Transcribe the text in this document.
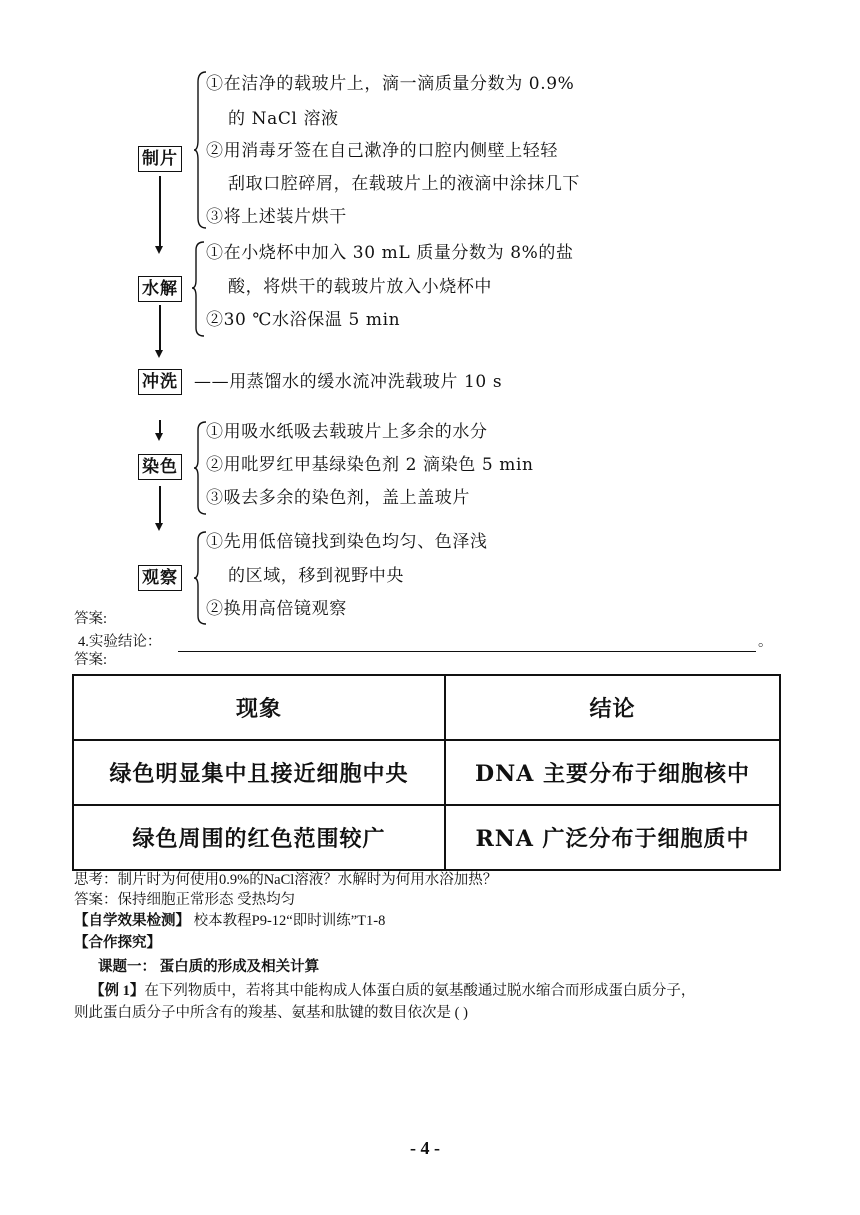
制片
①在洁净的载玻片上，滴一滴质量分数为 0.9%
的 NaCl 溶液
②用消毒牙签在自己漱净的口腔内侧壁上轻轻
刮取口腔碎屑，在载玻片上的液滴中涂抹几下
③将上述装片烘干
水解
①在小烧杯中加入 30 mL 质量分数为 8%的盐
酸，将烘干的载玻片放入小烧杯中
②30 ℃水浴保温 5 min
冲洗 ——用蒸馏水的缓水流冲洗载玻片 10 s
染色
①用吸水纸吸去载玻片上多余的水分
②用吡罗红甲基绿染色剂 2 滴染色 5 min
③吸去多余的染色剂，盖上盖玻片
观察
①先用低倍镜找到染色均匀、色泽浅
的区域，移到视野中央
②换用高倍镜观察
答案:
4.实验结论：	。
答案:
现象	结论
绿色明显集中且接近细胞中央	DNA 主要分布于细胞核中
绿色周围的红色范围较广	RNA 广泛分布于细胞质中
思考：制片时为何使用0.9%的NaCl溶液？水解时为何用水浴加热？
答案：保持细胞正常形态 受热均匀
【自学效果检测】 校本教程P9-12“即时训练”T1-8
【合作探究】
课题一： 蛋白质的形成及相关计算
【例 1】在下列物质中，若将其中能构成人体蛋白质的氨基酸通过脱水缩合而形成蛋白质分子，
则此蛋白质分子中所含有的羧基、氨基和肽键的数目依次是 ( )
- 4 -
